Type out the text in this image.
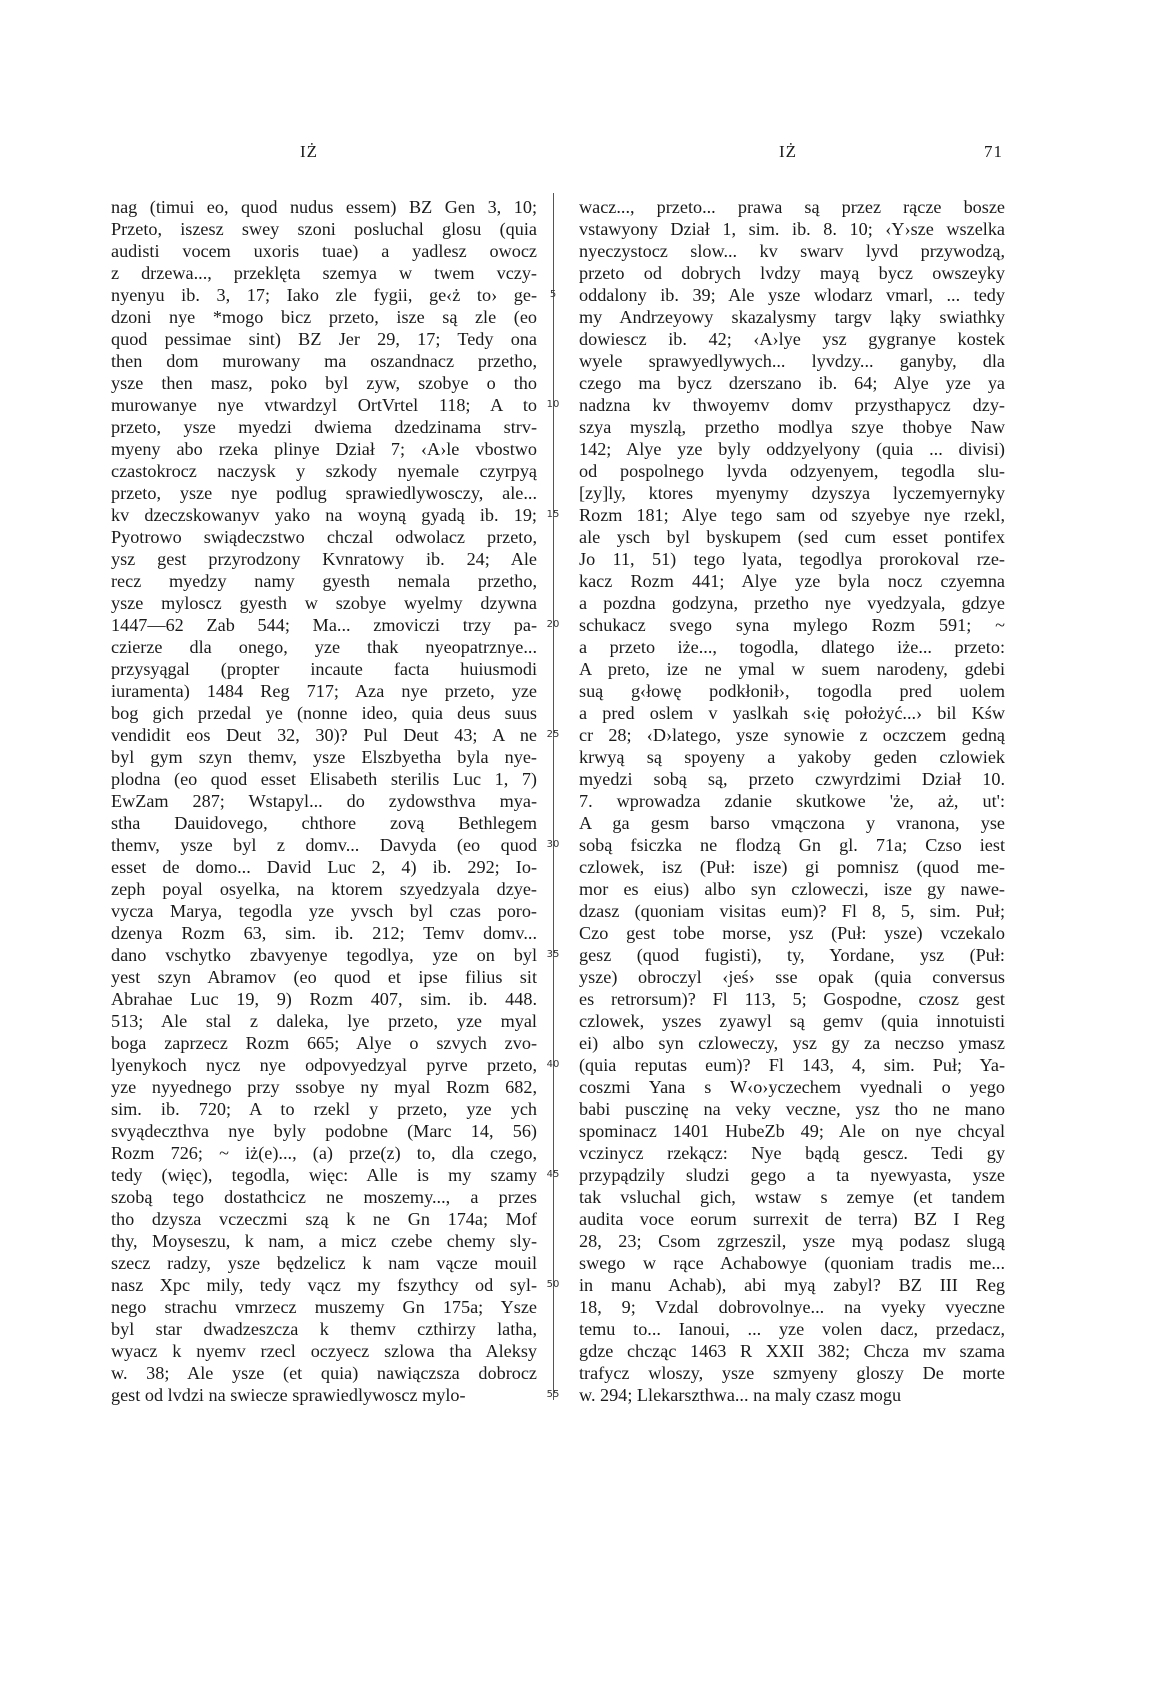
IŻ	IŻ	71
nag (timui eo, quod nudus essem) BZ Gen 3, 10;
Przeto, iszesz swey szoni posluchal glosu (quia
audisti vocem uxoris tuae) a yadlesz owocz
z drzewa..., przeklęta szemya w twem vczy-
nyenyu ib. 3, 17; Iako zle fygii, ge‹ż to› ge-
dzoni nye *mogo bicz przeto, isze są zle (eo
quod pessimae sint) BZ Jer 29, 17; Tedy ona
then dom murowany ma oszandnacz przetho,
ysze then masz, poko byl zyw, szobye o tho
murowanye nye vtwardzyl OrtVrtel 118; A to
przeto, ysze myedzi dwiema dzedzinama strv-
myeny abo rzeka plinye Dział 7; ‹A›le vbostwo
czastokrocz naczysk y szkody nyemale czyrpyą
przeto, ysze nye podlug sprawiedlywosczy, ale...
kv dzeczskowanyv yako na woyną gyadą ib. 19;
Pyotrowo swiądeczstwo chczal odwolacz przeto,
ysz gest przyrodzony Kvnratowy ib. 24; Ale
recz myedzy namy gyesth nemala przetho,
ysze myloscz gyesth w szobye wyelmy dzywna
1447—62 Zab 544; Ma... zmoviczi trzy pa-
czierze dla onego, yze thak nyeopatrznye...
przysyągal (propter incaute facta huiusmodi
iuramenta) 1484 Reg 717; Aza nye przeto, yze
bog gich przedal ye (nonne ideo, quia deus suus
vendidit eos Deut 32, 30)? Pul Deut 43; A ne
byl gym szyn themv, ysze Elszbyetha byla nye-
plodna (eo quod esset Elisabeth sterilis Luc 1, 7)
EwZam 287; Wstapyl... do zydowsthva mya-
stha Dauidovego, chthore zovą Bethlegem
themv, ysze byl z domv... Davyda (eo quod
esset de domo... David Luc 2, 4) ib. 292; Io-
zeph poyal osyelka, na ktorem szyedzyala dzye-
vycza Marya, tegodla yze yvsch byl czas poro-
dzenya Rozm 63, sim. ib. 212; Temv domv...
dano vschytko zbavyenye tegodlya, yze on byl
yest szyn Abramov (eo quod et ipse filius sit
Abrahae Luc 19, 9) Rozm 407, sim. ib. 448.
513; Ale stal z daleka, lye przeto, yze myal
boga zaprzecz Rozm 665; Alye o szvych zvo-
lyenykoch nycz nye odpovyedzyal pyrve przeto,
yze nyyednego przy ssobye ny myal Rozm 682,
sim. ib. 720; A to rzekl y przeto, yze ych
svyądeczthva nye byly podobne (Marc 14, 56)
Rozm 726; ~ iż(e)..., (a) prze(z) to, dla czego,
tedy (więc), tegodla, więc: Alle is my szamy
szobą tego dostathcicz ne moszemy..., a przes
tho dzysza vczeczmi szą k ne Gn 174a; Mof
thy, Moyseszu, k nam, a micz czebe chemy sly-
szecz radzy, ysze będzelicz k nam vącze mouil
nasz Xpc mily, tedy vącz my fszythcy od syl-
nego strachu vmrzecz muszemy Gn 175a; Ysze
byl star dwadzeszcza k themv czthirzy latha,
wyacz k nyemv rzecl oczyecz szlowa tha Aleksy
w. 38; Ale ysze (et quia) nawiączsza dobrocz
gest od lvdzi na swiecze sprawiedlywoscz mylo-
5
10
15
20
25
30
35
40
45
50
55
wacz..., przeto... prawa są przez rącze bosze
vstawyony Dział 1, sim. ib. 8. 10; ‹Y›sze wszelka
nyeczystocz slow... kv swarv lyvd przywodzą,
przeto od dobrych lvdzy mayą bycz owszeyky
oddalony ib. 39; Ale ysze wlodarz vmarl, ... tedy
my Andrzeyowy skazalysmy targv ląky swiathky
dowiescz ib. 42; ‹A›lye ysz gygranye kostek
wyele sprawyedlywych... lyvdzy... ganyby, dla
czego ma bycz dzerszano ib. 64; Alye yze ya
nadzna kv thwoyemv domv przysthapycz dzy-
szya myszlą, przetho modlya szye thobye Naw
142; Alye yze byly oddzyelyony (quia ... divisi)
od pospolnego lyvda odzyenyem, tegodla slu-
[zy]ly, ktores myenymy dzyszya lyczemyernyky
Rozm 181; Alye tego sam od szyebye nye rzekl,
ale ysch byl byskupem (sed cum esset pontifex
Jo 11, 51) tego lyata, tegodlya prorokoval rze-
kacz Rozm 441; Alye yze byla nocz czyemna
a pozdna godzyna, przetho nye vyedzyala, gdzye
schukacz svego syna mylego Rozm 591; ~
a przeto iże..., togodla, dlatego iże... przeto:
A preto, ize ne ymal w suem narodeny, gdebi
suą g‹łowę podkłonił›, togodla pred uolem
a pred oslem v yaslkah s‹ię położyć...› bil Kśw
cr 28; ‹D›latego, ysze synowie z oczczem gedną
krwyą są spoyeny a yakoby geden czlowiek
myedzi sobą są, przeto czwyrdzimi Dział 10.
7. wprowadza zdanie skutkowe 'że, aż, ut':
A ga gesm barso vmączona y vranona, yse
sobą fsiczka ne flodzą Gn gl. 71a; Czso iest
czlowek, isz (Puł: isze) gi pomnisz (quod me-
mor es eius) albo syn czloweczi, isze gy nawe-
dzasz (quoniam visitas eum)? Fl 8, 5, sim. Puł;
Czo gest tobe morse, ysz (Puł: ysze) vczekalo
gesz (quod fugisti), ty, Yordane, ysz (Puł:
ysze) obroczyl ‹jeś› sse opak (quia conversus
es retrorsum)? Fl 113, 5; Gospodne, czosz gest
czlowek, yszes zyawyl są gemv (quia innotuisti
ei) albo syn czloweczy, ysz gy za neczso ymasz
(quia reputas eum)? Fl 143, 4, sim. Puł; Ya-
coszmi Yana s W‹o›yczechem vyednali o yego
babi pusczinę na veky veczne, ysz tho ne mano
spominacz 1401 HubeZb 49; Ale on nye chcyal
vczinycz rzekącz: Nye bądą gescz. Tedi gy
przypądzily sludzi gego a ta nyewyasta, ysze
tak vsluchal gich, wstaw s zemye (et tandem
audita voce eorum surrexit de terra) BZ I Reg
28, 23; Csom zgrzeszil, ysze myą podasz slugą
swego w rące Achabowye (quoniam tradis me...
in manu Achab), abi myą zabyl? BZ III Reg
18, 9; Vzdal dobrovolnye... na vyeky vyeczne
temu to... Ianoui, ... yze volen dacz, przedacz,
gdze chcząc 1463 R XXII 382; Chcza mv szama
trafycz wloszy, ysze szmyeny gloszy De morte
w. 294; Llekarszthwa... na maly czasz mogu
